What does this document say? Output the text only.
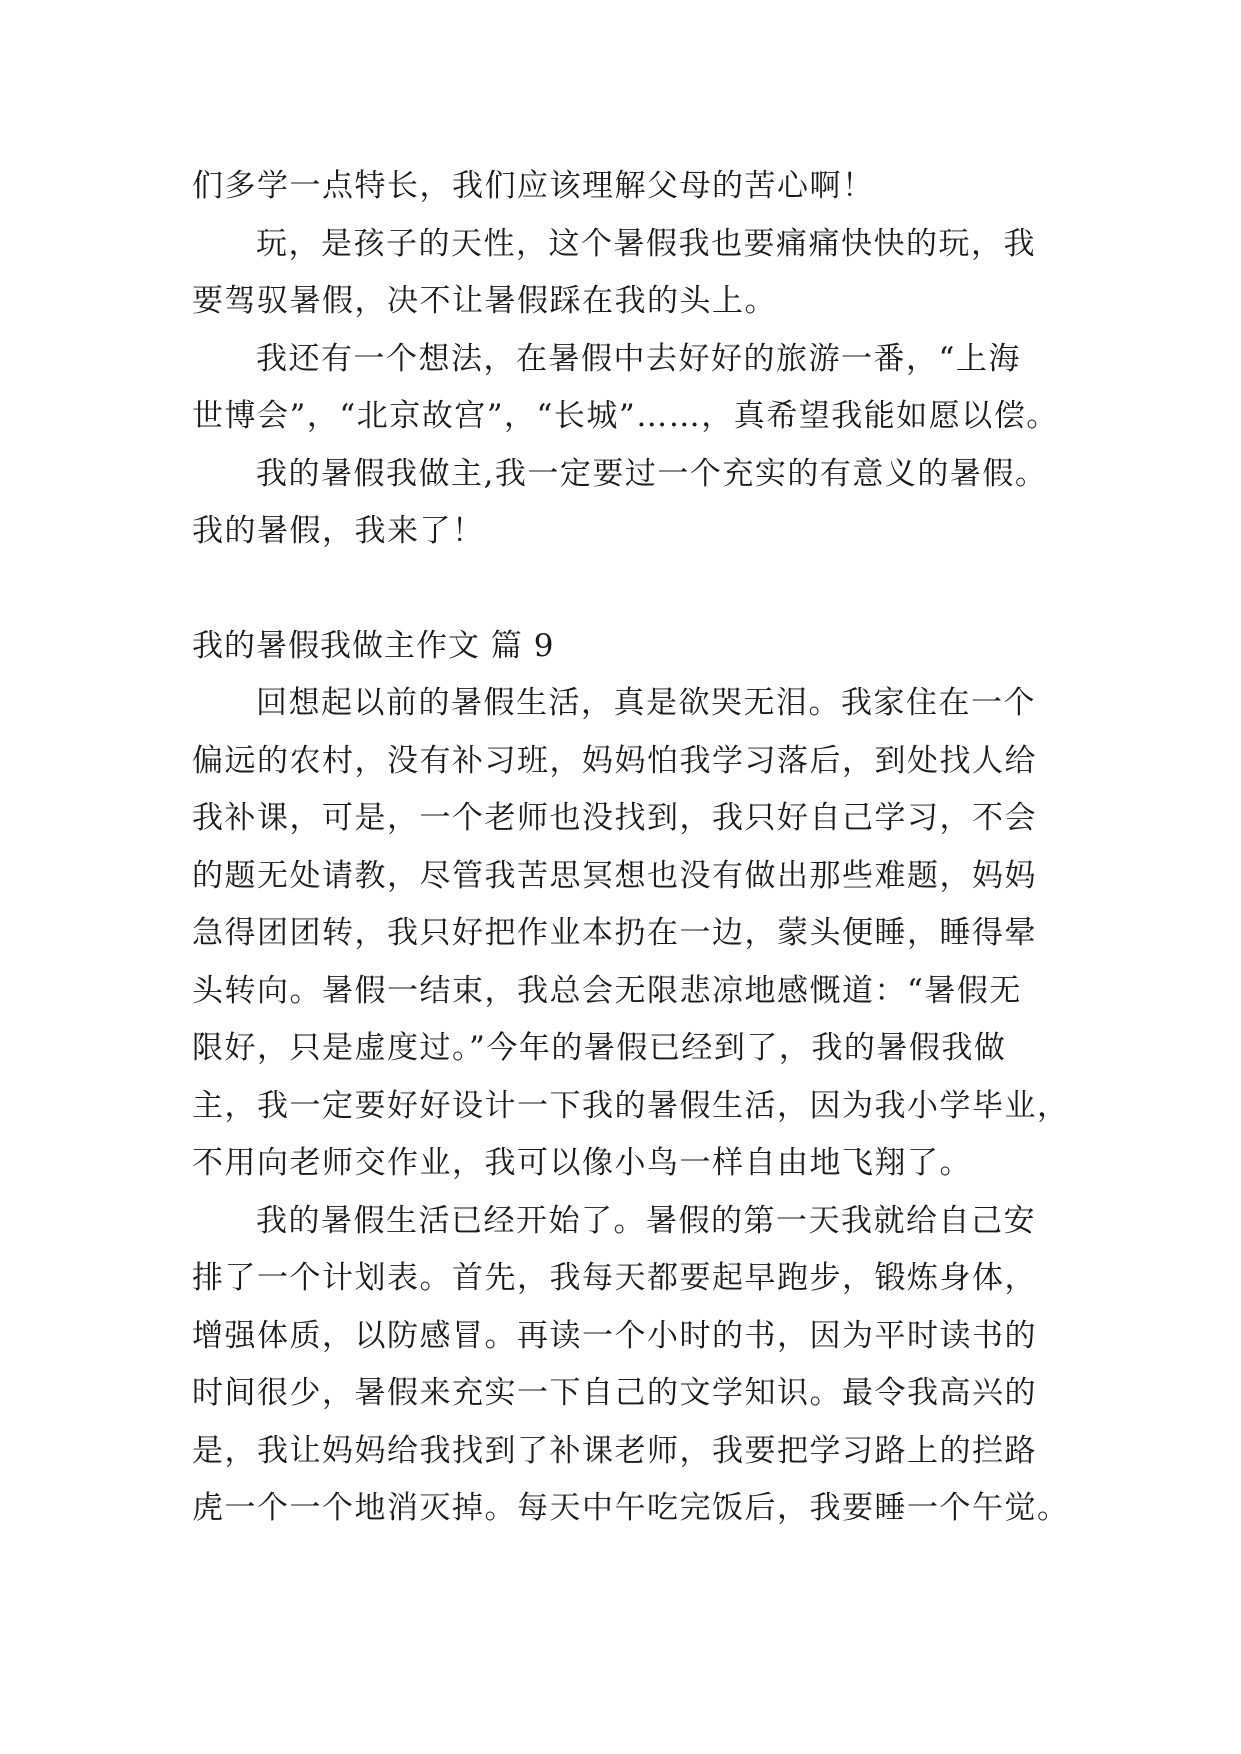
们多学一点特长，我们应该理解父母的苦心啊！
玩，是孩子的天性，这个暑假我也要痛痛快快的玩，我
要驾驭暑假，决不让暑假踩在我的头上。
我还有一个想法，在暑假中去好好的旅游一番，“上海
世博会”，“北京故宫”，“长城”……，真希望我能如愿以偿。
我的暑假我做主,我一定要过一个充实的有意义的暑假。
我的暑假，我来了！
我的暑假我做主作文 篇 9
回想起以前的暑假生活，真是欲哭无泪。我家住在一个
偏远的农村，没有补习班，妈妈怕我学习落后，到处找人给
我补课，可是，一个老师也没找到，我只好自己学习，不会
的题无处请教，尽管我苦思冥想也没有做出那些难题，妈妈
急得团团转，我只好把作业本扔在一边，蒙头便睡，睡得晕
头转向。暑假一结束，我总会无限悲凉地感慨道：“暑假无
限好，只是虚度过。”今年的暑假已经到了，我的暑假我做
主，我一定要好好设计一下我的暑假生活，因为我小学毕业，
不用向老师交作业，我可以像小鸟一样自由地飞翔了。
我的暑假生活已经开始了。暑假的第一天我就给自己安
排了一个计划表。首先，我每天都要起早跑步，锻炼身体，
增强体质，以防感冒。再读一个小时的书，因为平时读书的
时间很少，暑假来充实一下自己的文学知识。最令我高兴的
是，我让妈妈给我找到了补课老师，我要把学习路上的拦路
虎一个一个地消灭掉。每天中午吃完饭后，我要睡一个午觉。
